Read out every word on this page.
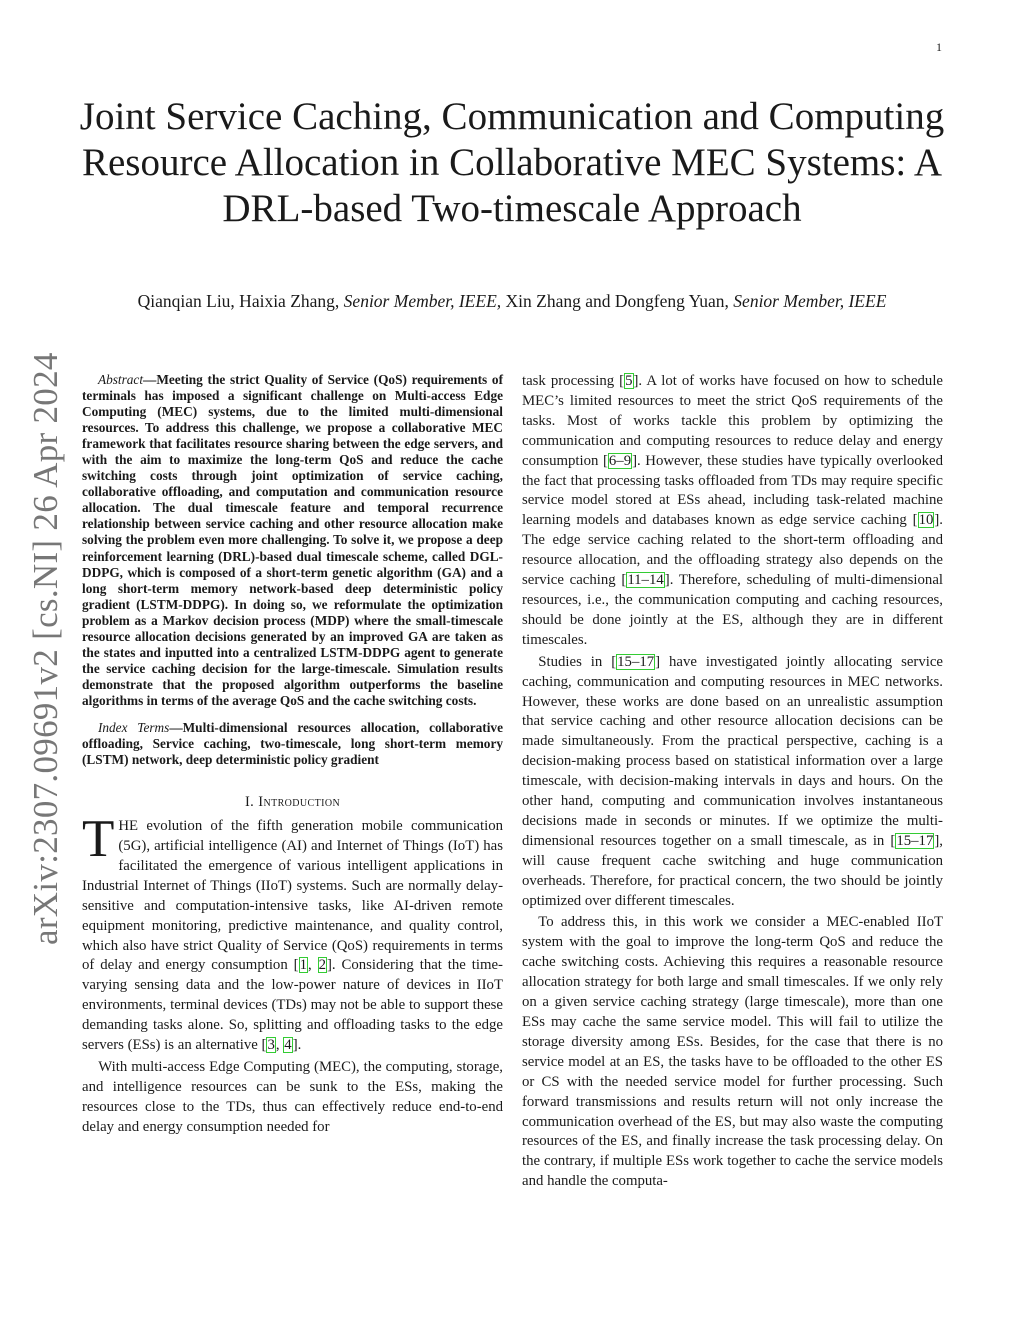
1
Joint Service Caching, Communication and Computing Resource Allocation in Collaborative MEC Systems: A DRL-based Two-timescale Approach
Qianqian Liu, Haixia Zhang, Senior Member, IEEE, Xin Zhang and Dongfeng Yuan, Senior Member, IEEE
arXiv:2307.09691v2 [cs.NI] 26 Apr 2024	Abstract—Meeting the strict Quality of Service (QoS) requirements of terminals has imposed a significant challenge on Multi-access Edge Computing (MEC) systems, due to the limited multi-dimensional resources. To address this challenge, we propose a collaborative MEC framework that facilitates resource sharing between the edge servers, and with the aim to maximize the long-term QoS and reduce the cache switching costs through joint optimization of service caching, collaborative offloading, and computation and communication resource allocation. The dual timescale feature and temporal recurrence relationship between service caching and other resource allocation make solving the problem even more challenging. To solve it, we propose a deep reinforcement learning (DRL)-based dual timescale scheme, called DGL-DDPG, which is composed of a short-term genetic algorithm (GA) and a long short-term memory network-based deep deterministic policy gradient (LSTM-DDPG). In doing so, we reformulate the optimization problem as a Markov decision process (MDP) where the small-timescale resource allocation decisions generated by an improved GA are taken as the states and inputted into a centralized LSTM-DDPG agent to generate the service caching decision for the large-timescale. Simulation results demonstrate that the proposed algorithm outperforms the baseline algorithms in terms of the average QoS and the cache switching costs.

Index Terms—Multi-dimensional resources allocation, collaborative offloading, Service caching, two-timescale, long short-term memory (LSTM) network, deep deterministic policy gradient

I. Introduction

THE evolution of the fifth generation mobile communication (5G), artificial intelligence (AI) and Internet of Things (IoT) has facilitated the emergence of various intelligent applications in Industrial Internet of Things (IIoT) systems. Such are normally delay-sensitive and computation-intensive tasks, like AI-driven remote equipment monitoring, predictive maintenance, and quality control, which also have strict Quality of Service (QoS) requirements in terms of delay and energy consumption [1, 2]. Considering that the time-varying sensing data and the low-power nature of devices in IIoT environments, terminal devices (TDs) may not be able to support these demanding tasks alone. So, splitting and offloading tasks to the edge servers (ESs) is an alternative [3, 4].

With multi-access Edge Computing (MEC), the computing, storage, and intelligence resources can be sunk to the ESs, making the resources close to the TDs, thus can effectively reduce end-to-end delay and energy consumption needed for

task processing [5]. A lot of works have focused on how to schedule MEC’s limited resources to meet the strict QoS requirements of the tasks. Most of works tackle this problem by optimizing the communication and computing resources to reduce delay and energy consumption [6–9]. However, these studies have typically overlooked the fact that processing tasks offloaded from TDs may require specific service model stored at ESs ahead, including task-related machine learning models and databases known as edge service caching [10]. The edge service caching related to the short-term offloading and resource allocation, and the offloading strategy also depends on the service caching [11–14]. Therefore, scheduling of multi-dimensional resources, i.e., the communication computing and caching resources, should be done jointly at the ES, although they are in different timescales.

Studies in [15–17] have investigated jointly allocating service caching, communication and computing resources in MEC networks. However, these works are done based on an unrealistic assumption that service caching and other resource allocation decisions can be made simultaneously. From the practical perspective, caching is a decision-making process based on statistical information over a large timescale, with decision-making intervals in days and hours. On the other hand, computing and communication involves instantaneous decisions made in seconds or minutes. If we optimize the multi-dimensional resources together on a small timescale, as in [15–17], will cause frequent cache switching and huge communication overheads. Therefore, for practical concern, the two should be jointly optimized over different timescales.

To address this, in this work we consider a MEC-enabled IIoT system with the goal to improve the long-term QoS and reduce the cache switching costs. Achieving this requires a reasonable resource allocation strategy for both large and small timescales. If we only rely on a given service caching strategy (large timescale), more than one ESs may cache the same service model. This will fail to utilize the storage diversity among ESs. Besides, for the case that there is no service model at an ES, the tasks have to be offloaded to the other ES or CS with the needed service model for further processing. Such forward transmissions and results return will not only increase the communication overhead of the ES, but may also waste the computing resources of the ES, and finally increase the task processing delay. On the contrary, if multiple ESs work together to cache the service models and handle the computa-
